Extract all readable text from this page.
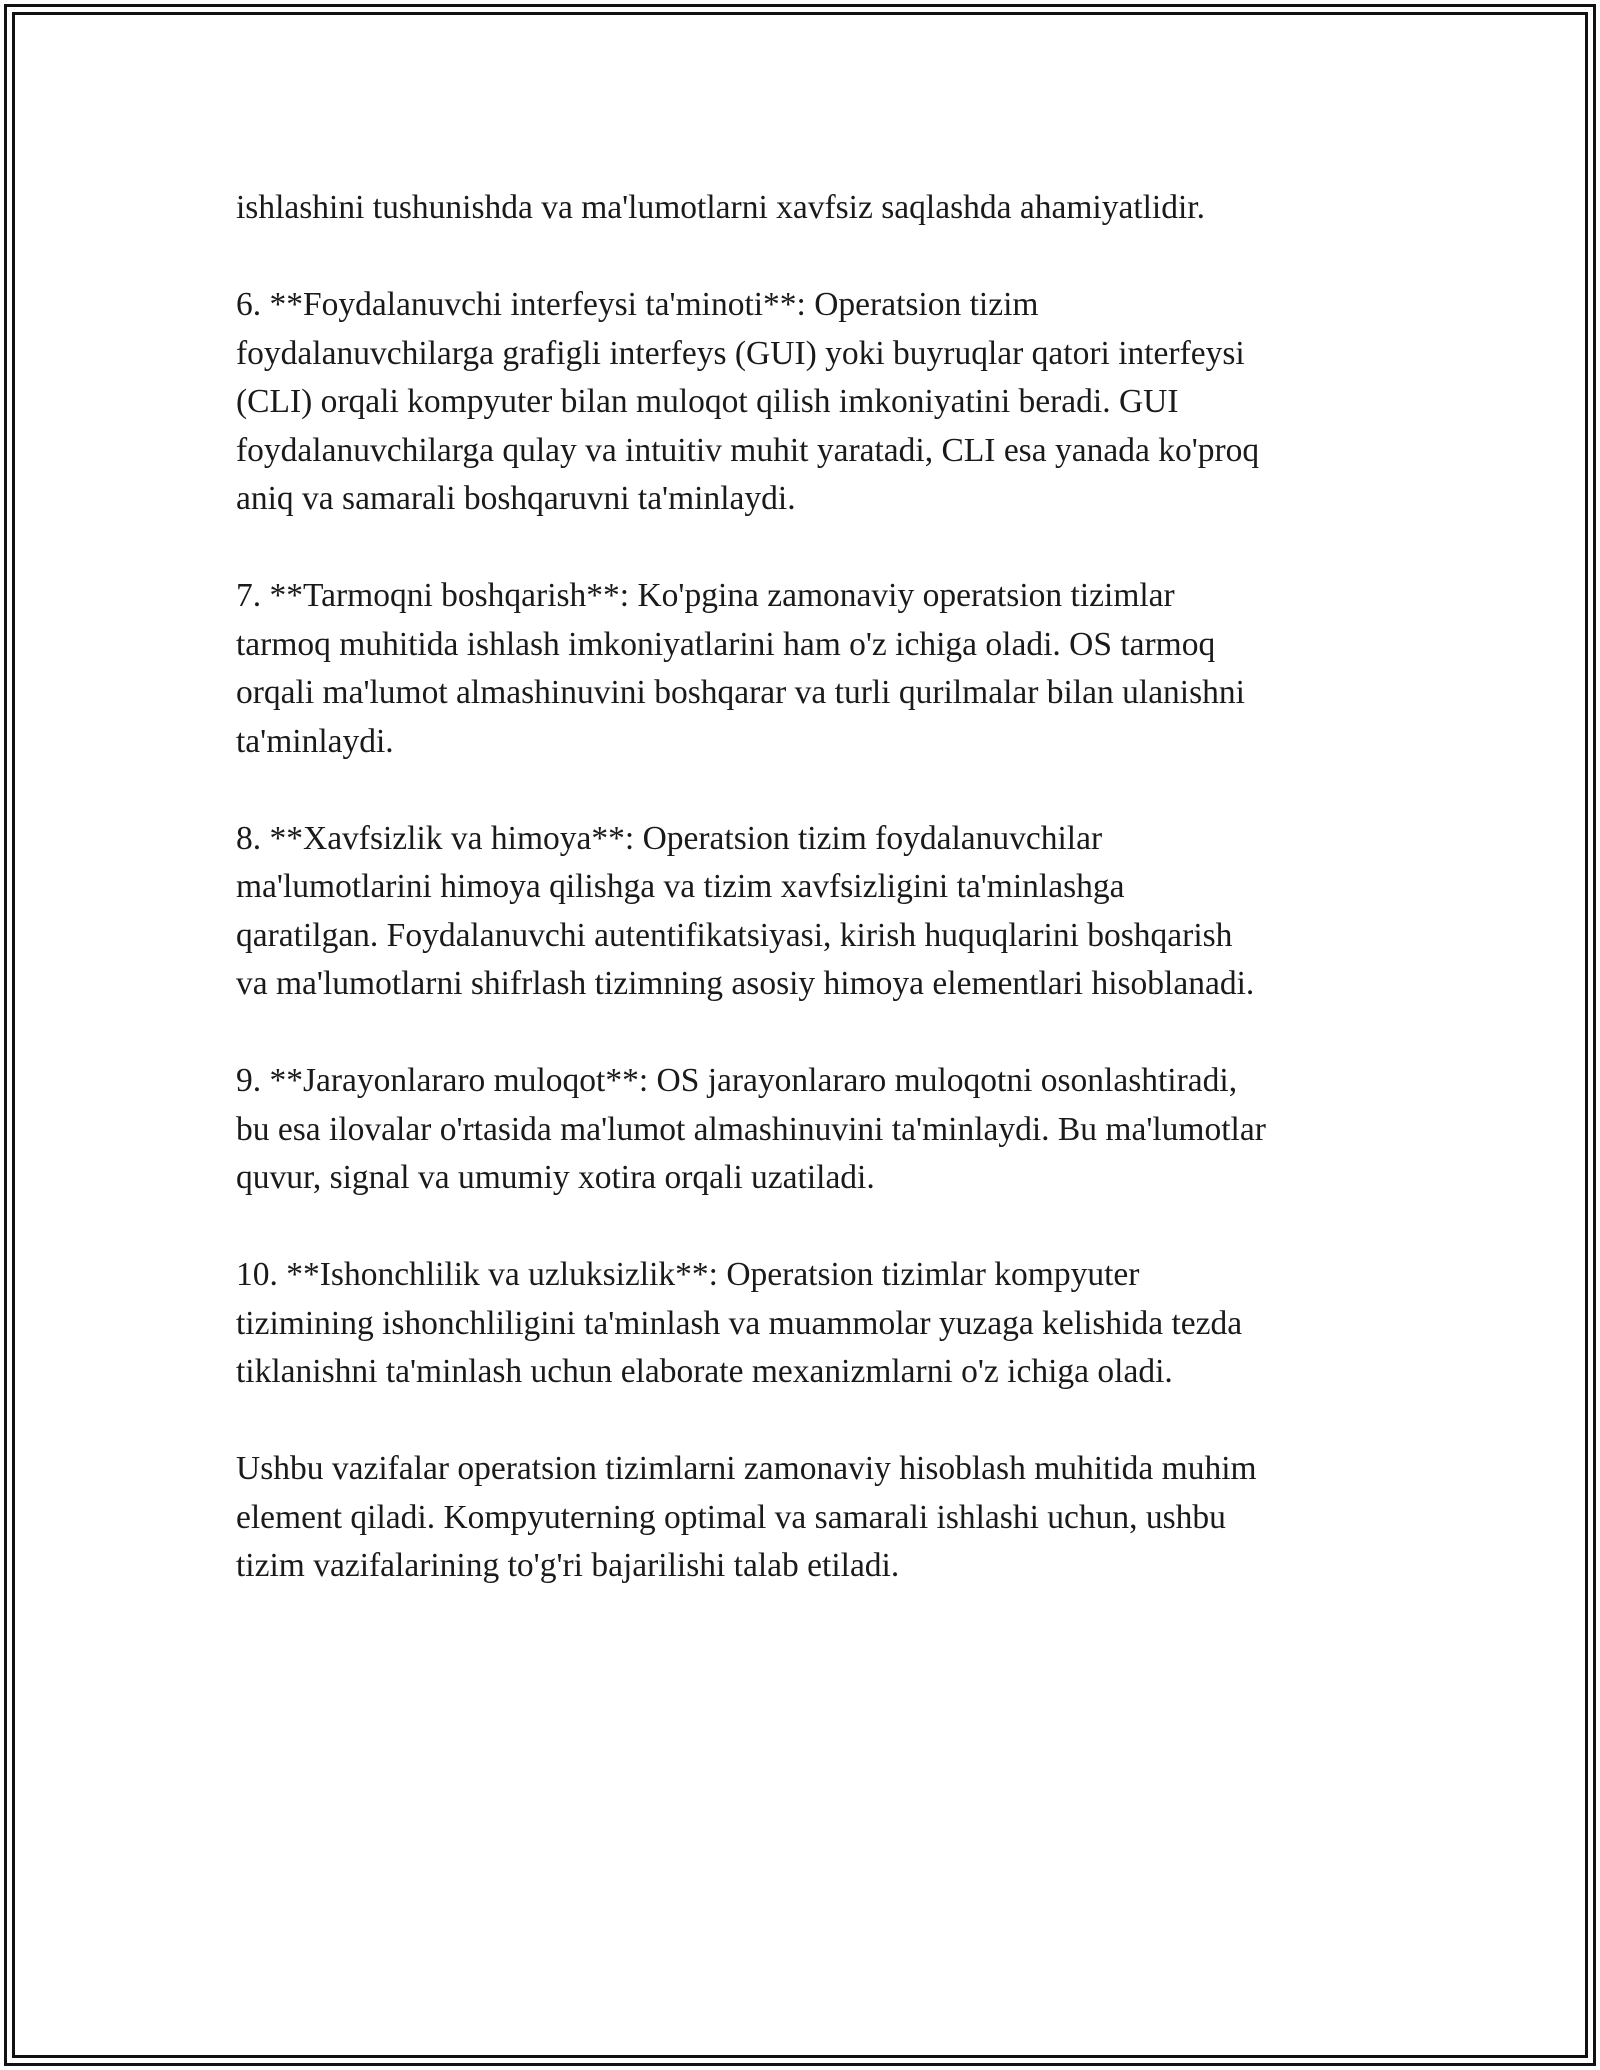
ishlashini tushunishda va ma'lumotlarni xavfsiz saqlashda ahamiyatlidir.

6. **Foydalanuvchi interfeysi ta'minoti**: Operatsion tizim
foydalanuvchilarga grafigli interfeys (GUI) yoki buyruqlar qatori interfeysi
(CLI) orqali kompyuter bilan muloqot qilish imkoniyatini beradi. GUI
foydalanuvchilarga qulay va intuitiv muhit yaratadi, CLI esa yanada ko'proq
aniq va samarali boshqaruvni ta'minlaydi.

7. **Tarmoqni boshqarish**: Ko'pgina zamonaviy operatsion tizimlar
tarmoq muhitida ishlash imkoniyatlarini ham o'z ichiga oladi. OS tarmoq
orqali ma'lumot almashinuvini boshqarar va turli qurilmalar bilan ulanishni
ta'minlaydi.

8. **Xavfsizlik va himoya**: Operatsion tizim foydalanuvchilar
ma'lumotlarini himoya qilishga va tizim xavfsizligini ta'minlashga
qaratilgan. Foydalanuvchi autentifikatsiyasi, kirish huquqlarini boshqarish
va ma'lumotlarni shifrlash tizimning asosiy himoya elementlari hisoblanadi.

9. **Jarayonlararo muloqot**: OS jarayonlararo muloqotni osonlashtiradi,
bu esa ilovalar o'rtasida ma'lumot almashinuvini ta'minlaydi. Bu ma'lumotlar
quvur, signal va umumiy xotira orqali uzatiladi.

10. **Ishonchlilik va uzluksizlik**: Operatsion tizimlar kompyuter
tizimining ishonchliligini ta'minlash va muammolar yuzaga kelishida tezda
tiklanishni ta'minlash uchun elaborate mexanizmlarni o'z ichiga oladi.

Ushbu vazifalar operatsion tizimlarni zamonaviy hisoblash muhitida muhim
element qiladi. Kompyuterning optimal va samarali ishlashi uchun, ushbu
tizim vazifalarining to'g'ri bajarilishi talab etiladi.
